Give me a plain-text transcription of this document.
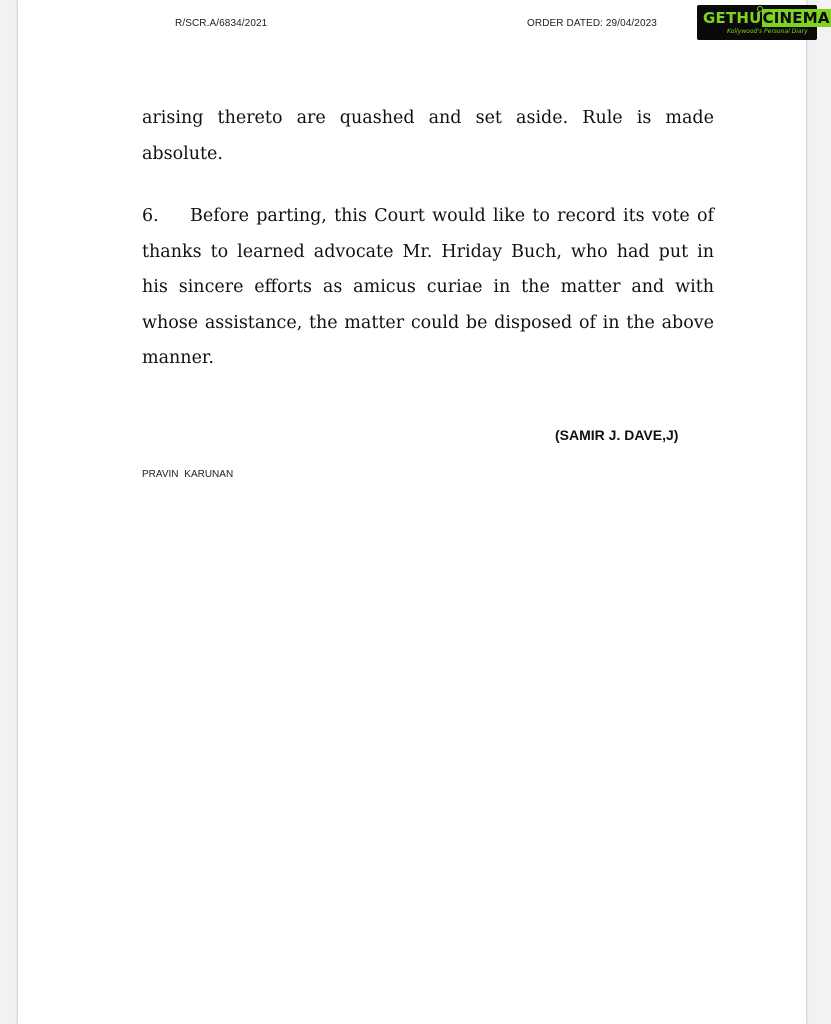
R/SCR.A/6834/2021	ORDER DATED: 29/04/2023	GETHUCINEMA
Kollywood's Personal Diary
arising thereto are quashed and set aside. Rule is made
absolute.
6.	Before parting, this Court would like to record its vote of
thanks to learned advocate Mr. Hriday Buch, who had put in
his sincere efforts as amicus curiae in the matter and with
whose assistance, the matter could be disposed of in the above
manner.
(SAMIR J. DAVE,J)
PRAVIN KARUNAN
